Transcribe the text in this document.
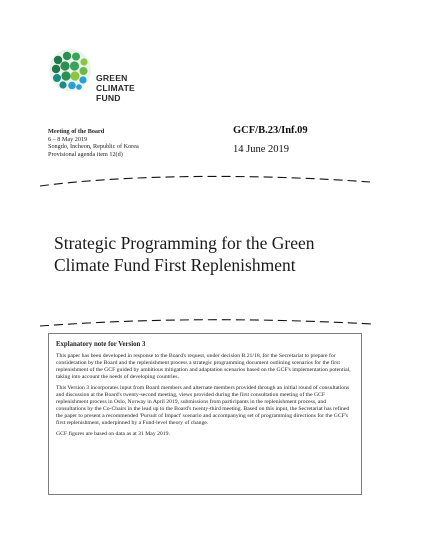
GREEN
CLIMATE
FUND
Meeting of the Board
6 – 8 May 2019
Songdo, Incheon, Republic of Korea
Provisional agenda item 12(d)
GCF/B.23/Inf.09
14 June 2019
Strategic Programming for the Green
Climate Fund First Replenishment
Explanatory note for Version 3

This paper has been developed in response to the Board's request, under decision B.21/18, for the Secretariat to prepare for consideration by the Board and the replenishment process a strategic programming document outlining scenarios for the first replenishment of the GCF guided by ambitious mitigation and adaptation scenarios based on the GCF's implementation potential, taking into account the needs of developing countries.

This Version 3 incorporates input from Board members and alternate members provided through an initial round of consultations and discussion at the Board's twenty-second meeting, views provided during the first consultation meeting of the GCF replenishment process in Oslo, Norway in April 2019, submissions from participants in the replenishment process, and consultations by the Co-Chairs in the lead up to the Board's twenty-third meeting. Based on this input, the Secretariat has refined the paper to present a recommended 'Pursuit of Impact' scenario and accompanying set of programming directions for the GCF's first replenishment, underpinned by a Fund-level theory of change.

GCF figures are based on data as at 31 May 2019.
